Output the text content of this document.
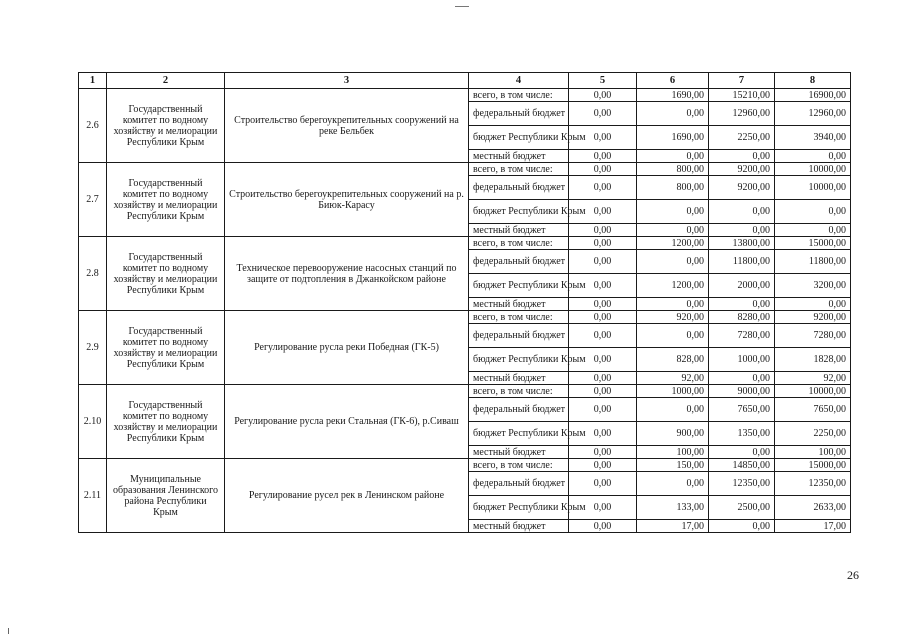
1	2	3	4	5	6	7	8
2.6	Государственный комитет по водному хозяйству и мелиорации Республики Крым	Строительство берегоукрепительных сооружений на реке Бельбек	всего, в том числе:	0,00	1690,00	15210,00	16900,00
			федеральный бюджет	0,00	0,00	12960,00	12960,00
			бюджет Республики Крым	0,00	1690,00	2250,00	3940,00
			местный бюджет	0,00	0,00	0,00	0,00
2.7	Государственный комитет по водному хозяйству и мелиорации Республики Крым	Строительство берегоукрепительных сооружений на р. Биюк-Карасу	всего, в том числе:	0,00	800,00	9200,00	10000,00
			федеральный бюджет	0,00	800,00	9200,00	10000,00
			бюджет Республики Крым	0,00	0,00	0,00	0,00
			местный бюджет	0,00	0,00	0,00	0,00
2.8	Государственный комитет по водному хозяйству и мелиорации Республики Крым	Техническое перевооружение насосных станций по защите от подтопления в Джанкойском районе	всего, в том числе:	0,00	1200,00	13800,00	15000,00
			федеральный бюджет	0,00	0,00	11800,00	11800,00
			бюджет Республики Крым	0,00	1200,00	2000,00	3200,00
			местный бюджет	0,00	0,00	0,00	0,00
2.9	Государственный комитет по водному хозяйству и мелиорации Республики Крым	Регулирование русла реки Победная (ГК-5)	всего, в том числе:	0,00	920,00	8280,00	9200,00
			федеральный бюджет	0,00	0,00	7280,00	7280,00
			бюджет Республики Крым	0,00	828,00	1000,00	1828,00
			местный бюджет	0,00	92,00	0,00	92,00
2.10	Государственный комитет по водному хозяйству и мелиорации Республики Крым	Регулирование русла реки Стальная (ГК-6), р.Сиваш	всего, в том числе:	0,00	1000,00	9000,00	10000,00
			федеральный бюджет	0,00	0,00	7650,00	7650,00
			бюджет Республики Крым	0,00	900,00	1350,00	2250,00
			местный бюджет	0,00	100,00	0,00	100,00
2.11	Муниципальные образования Ленинского района Республики Крым	Регулирование русел рек в Ленинском районе	всего, в том числе:	0,00	150,00	14850,00	15000,00
			федеральный бюджет	0,00	0,00	12350,00	12350,00
			бюджет Республики Крым	0,00	133,00	2500,00	2633,00
			местный бюджет	0,00	17,00	0,00	17,00
26
